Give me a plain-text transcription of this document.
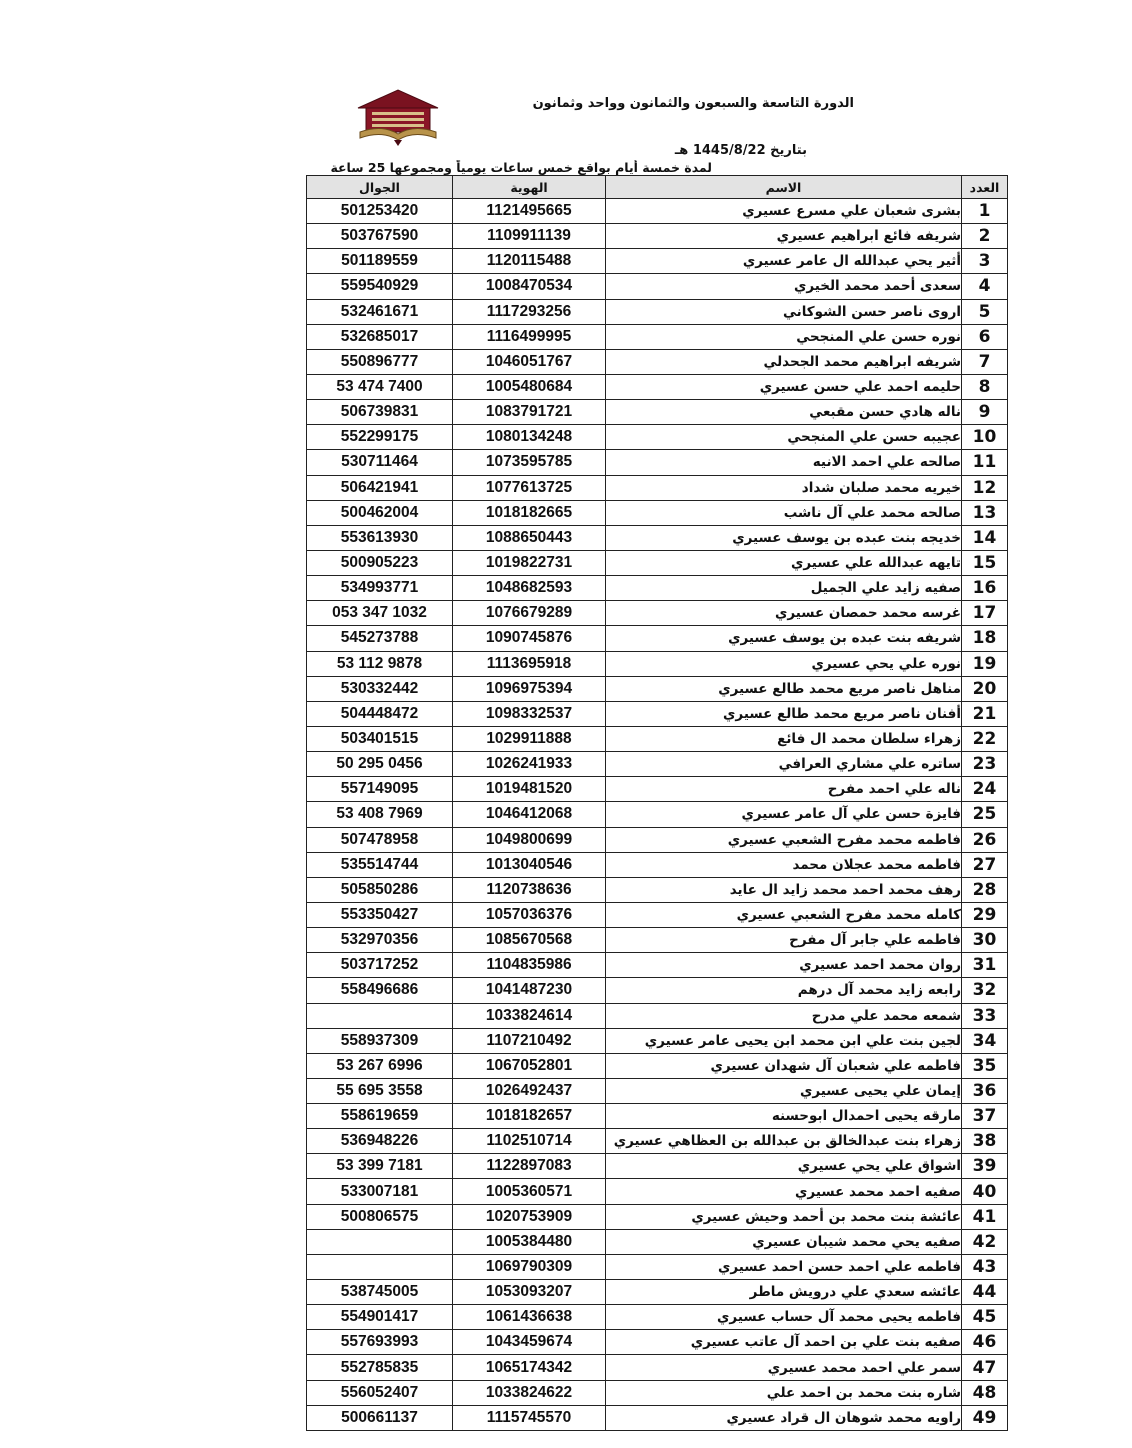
الدورة التاسعة والسبعون والثمانون وواحد وثمانون
بتاريخ 1445/8/22 هـ
لمدة خمسة أيام بواقع خمس ساعات يومياً ومجموعها 25 ساعة
العدد	الاسم	الهوية	الجوال
1	بشرى شعبان علي مسرع عسيري	1121495665	501253420
2	شريفه فائع ابراهيم عسيري	1109911139	503767590
3	أثير يحي عبدالله ال عامر عسيري	1120115488	501189559
4	سعدى أحمد محمد الخيري	1008470534	559540929
5	اروى ناصر حسن الشوكاني	1117293256	532461671
6	نوره حسن علي المنجحي	1116499995	532685017
7	شريفه ابراهيم محمد الجحدلي	1046051767	550896777
8	حليمه احمد علي حسن عسيري	1005480684	53 474 7400
9	ناله هادي حسن مقبعي	1083791721	506739831
10	عجيبه حسن علي المنجحي	1080134248	552299175
11	صالحه علي احمد الانيه	1073595785	530711464
12	خيريه محمد صلبان شداد	1077613725	506421941
13	صالحه محمد علي آل ناشب	1018182665	500462004
14	خديجه بنت عبده بن يوسف عسيري	1088650443	553613930
15	تايهه عبدالله علي عسيري	1019822731	500905223
16	صفيه زايد علي الجميل	1048682593	534993771
17	غرسه محمد حمصان عسيري	1076679289	053 347 1032
18	شريفه بنت عبده بن يوسف عسيري	1090745876	545273788
19	نوره علي يحي عسيري	1113695918	53 112 9878
20	مناهل ناصر مريع محمد طالع عسيري	1096975394	530332442
21	أفنان ناصر مريع محمد طالع عسيري	1098332537	504448472
22	زهراء سلطان محمد ال فائع	1029911888	503401515
23	ساتره علي مشاري العرافي	1026241933	50 295 0456
24	ناله علي احمد مفرح	1019481520	557149095
25	فايزة حسن علي آل عامر عسيري	1046412068	53 408 7969
26	فاطمه محمد مفرح الشعبي عسيري	1049800699	507478958
27	فاطمه محمد عجلان محمد	1013040546	535514744
28	رهف محمد احمد محمد زايد ال عايد	1120738636	505850286
29	كامله محمد مفرح الشعبي عسيري	1057036376	553350427
30	فاطمه علي جابر آل مفرح	1085670568	532970356
31	روان محمد احمد عسيري	1104835986	503717252
32	رابعه زايد محمد آل درهم	1041487230	558496686
33	شمعه محمد علي مدرح	1033824614	
34	لجين بنت علي ابن محمد ابن يحيى عامر عسيري	1107210492	558937309
35	فاطمه علي شعبان آل شهدان عسيري	1067052801	53 267 6996
36	إيمان علي يحيى عسيري	1026492437	55 695 3558
37	مارقه يحيى احمدال ابوحسنه	1018182657	558619659
38	زهراء بنت عبدالخالق بن عبدالله بن العظاهي عسيري	1102510714	536948226
39	اشواق علي يحي عسيري	1122897083	53 399 7181
40	صفيه احمد محمد عسيري	1005360571	533007181
41	عائشة بنت محمد بن أحمد وحيش عسيري	1020753909	500806575
42	صفيه يحي محمد شيبان عسيري	1005384480	
43	فاطمه علي احمد حسن احمد عسيري	1069790309	
44	عائشه سعدي علي درويش ماطر	1053093207	538745005
45	فاطمه يحيى محمد آل حساب عسيري	1061436638	554901417
46	صفيه بنت علي بن احمد آل عاتب عسيري	1043459674	557693993
47	سمر علي احمد محمد عسيري	1065174342	552785835
48	شاره بنت محمد بن احمد علي	1033824622	556052407
49	راويه محمد شوهان ال قراد عسيري	1115745570	500661137
